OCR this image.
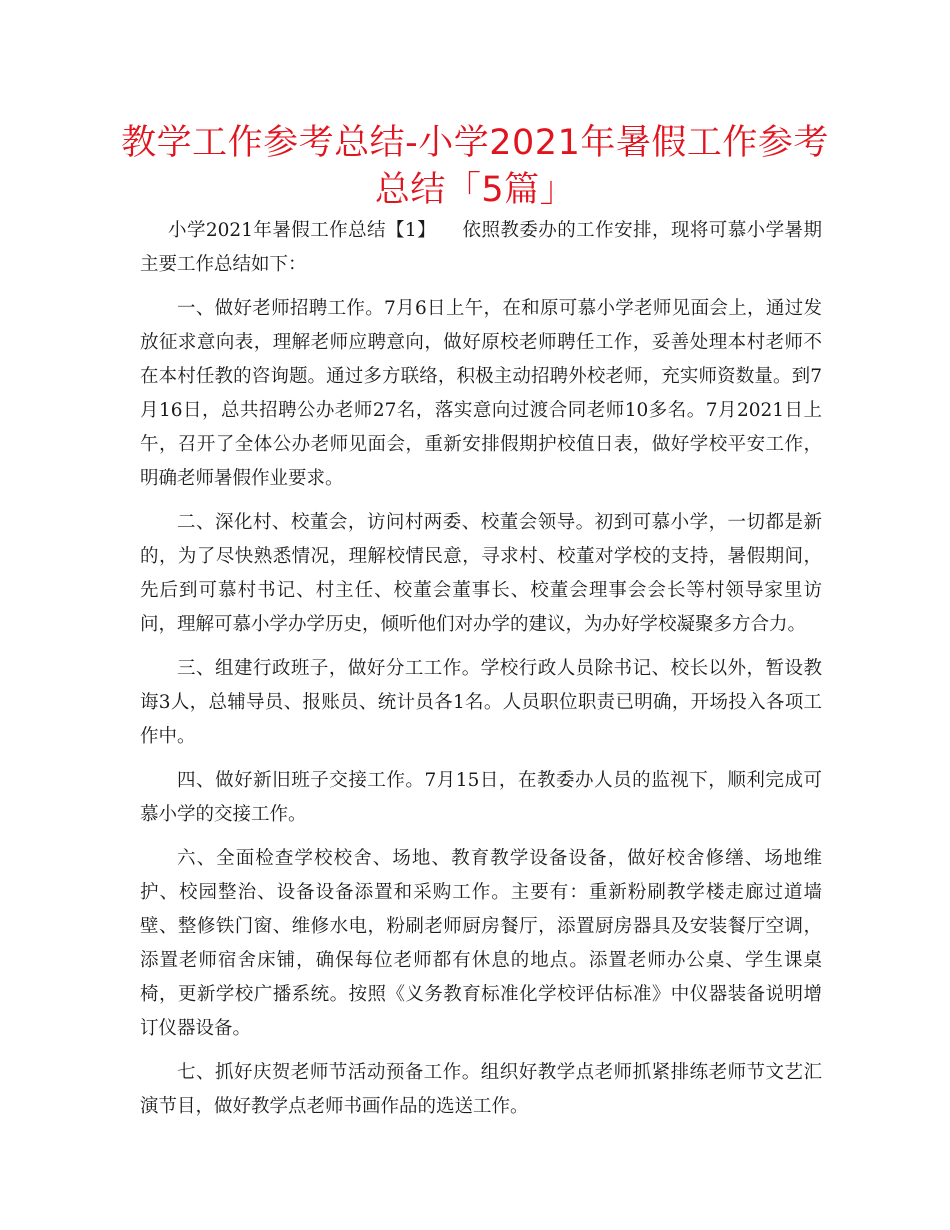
教学工作参考总结-小学2021年暑假工作参考总结「5篇」

小学2021年暑假工作总结【1】 依照教委办的工作安排，现将可慕小学暑期主要工作总结如下：

一、做好老师招聘工作。7月6日上午，在和原可慕小学老师见面会上，通过发放征求意向表，理解老师应聘意向，做好原校老师聘任工作，妥善处理本村老师不在本村任教的咨询题。通过多方联络，积极主动招聘外校老师，充实师资数量。到7月16日，总共招聘公办老师27名，落实意向过渡合同老师10多名。7月2021日上午，召开了全体公办老师见面会，重新安排假期护校值日表，做好学校平安工作，明确老师暑假作业要求。

二、深化村、校董会，访问村两委、校董会领导。初到可慕小学，一切都是新的，为了尽快熟悉情况，理解校情民意，寻求村、校董对学校的支持，暑假期间，先后到可慕村书记、村主任、校董会董事长、校董会理事会会长等村领导家里访问，理解可慕小学办学历史，倾听他们对办学的建议，为办好学校凝聚多方合力。

三、组建行政班子，做好分工工作。学校行政人员除书记、校长以外，暂设教诲3人，总辅导员、报账员、统计员各1名。人员职位职责已明确，开场投入各项工作中。

四、做好新旧班子交接工作。7月15日，在教委办人员的监视下，顺利完成可慕小学的交接工作。

六、全面检查学校校舍、场地、教育教学设备设备，做好校舍修缮、场地维护、校园整治、设备设备添置和采购工作。主要有：重新粉刷教学楼走廊过道墙壁、整修铁门窗、维修水电，粉刷老师厨房餐厅，添置厨房器具及安装餐厅空调，添置老师宿舍床铺，确保每位老师都有休息的地点。添置老师办公桌、学生课桌椅，更新学校广播系统。按照《义务教育标准化学校评估标准》中仪器装备说明增订仪器设备。

七、抓好庆贺老师节活动预备工作。组织好教学点老师抓紧排练老师节文艺汇演节目，做好教学点老师书画作品的选送工作。
